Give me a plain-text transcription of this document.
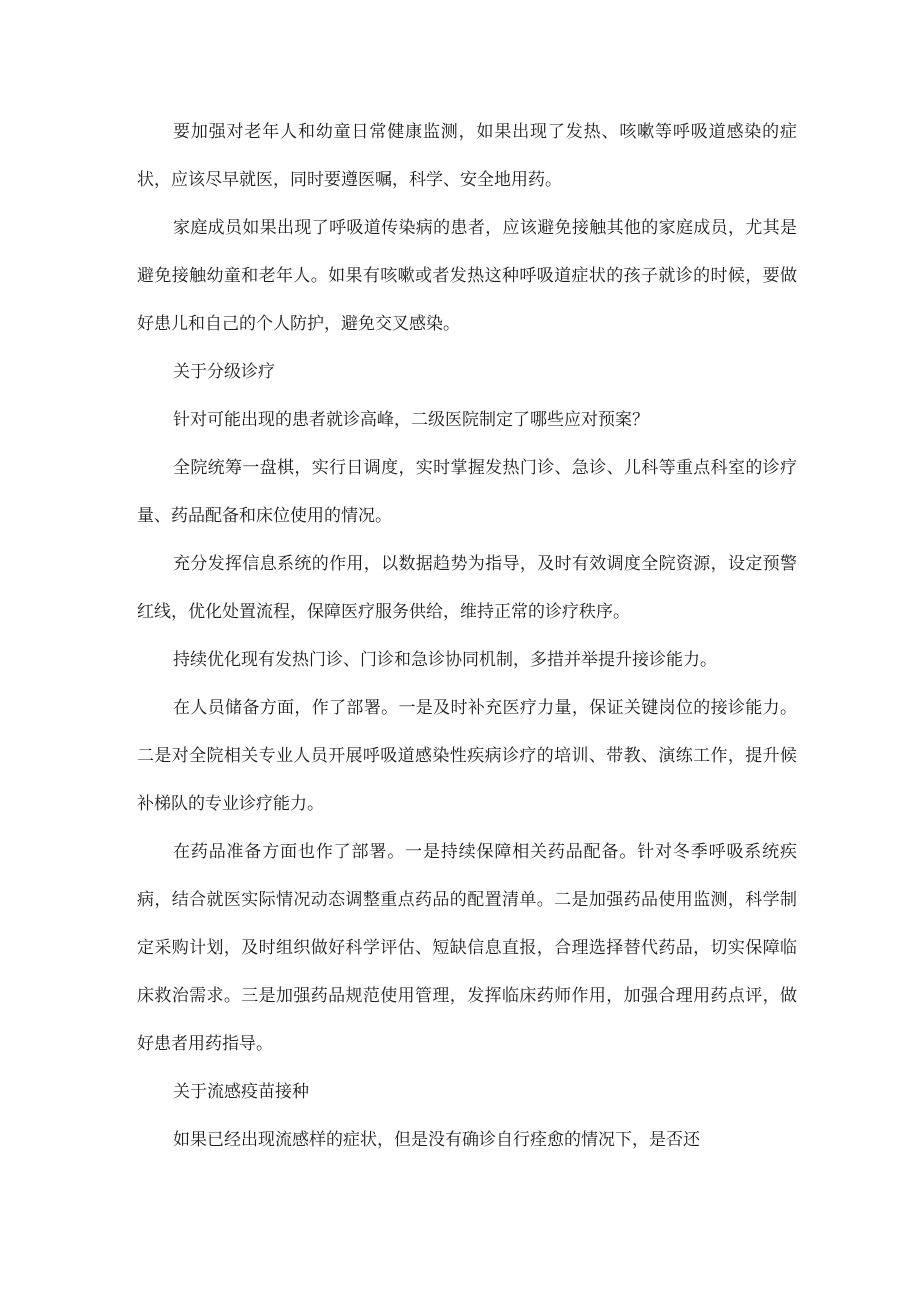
要加强对老年人和幼童日常健康监测，如果出现了发热、咳嗽等呼吸道感染的症状，应该尽早就医，同时要遵医嘱，科学、安全地用药。

家庭成员如果出现了呼吸道传染病的患者，应该避免接触其他的家庭成员，尤其是避免接触幼童和老年人。如果有咳嗽或者发热这种呼吸道症状的孩子就诊的时候，要做好患儿和自己的个人防护，避免交叉感染。

关于分级诊疗

针对可能出现的患者就诊高峰，二级医院制定了哪些应对预案？

全院统筹一盘棋，实行日调度，实时掌握发热门诊、急诊、儿科等重点科室的诊疗量、药品配备和床位使用的情况。

充分发挥信息系统的作用，以数据趋势为指导，及时有效调度全院资源，设定预警红线，优化处置流程，保障医疗服务供给，维持正常的诊疗秩序。

持续优化现有发热门诊、门诊和急诊协同机制，多措并举提升接诊能力。

在人员储备方面，作了部署。一是及时补充医疗力量，保证关键岗位的接诊能力。二是对全院相关专业人员开展呼吸道感染性疾病诊疗的培训、带教、演练工作，提升候补梯队的专业诊疗能力。

在药品准备方面也作了部署。一是持续保障相关药品配备。针对冬季呼吸系统疾病，结合就医实际情况动态调整重点药品的配置清单。二是加强药品使用监测，科学制定采购计划，及时组织做好科学评估、短缺信息直报，合理选择替代药品，切实保障临床救治需求。三是加强药品规范使用管理，发挥临床药师作用，加强合理用药点评，做好患者用药指导。

关于流感疫苗接种

如果已经出现流感样的症状，但是没有确诊自行痊愈的情况下，是否还
